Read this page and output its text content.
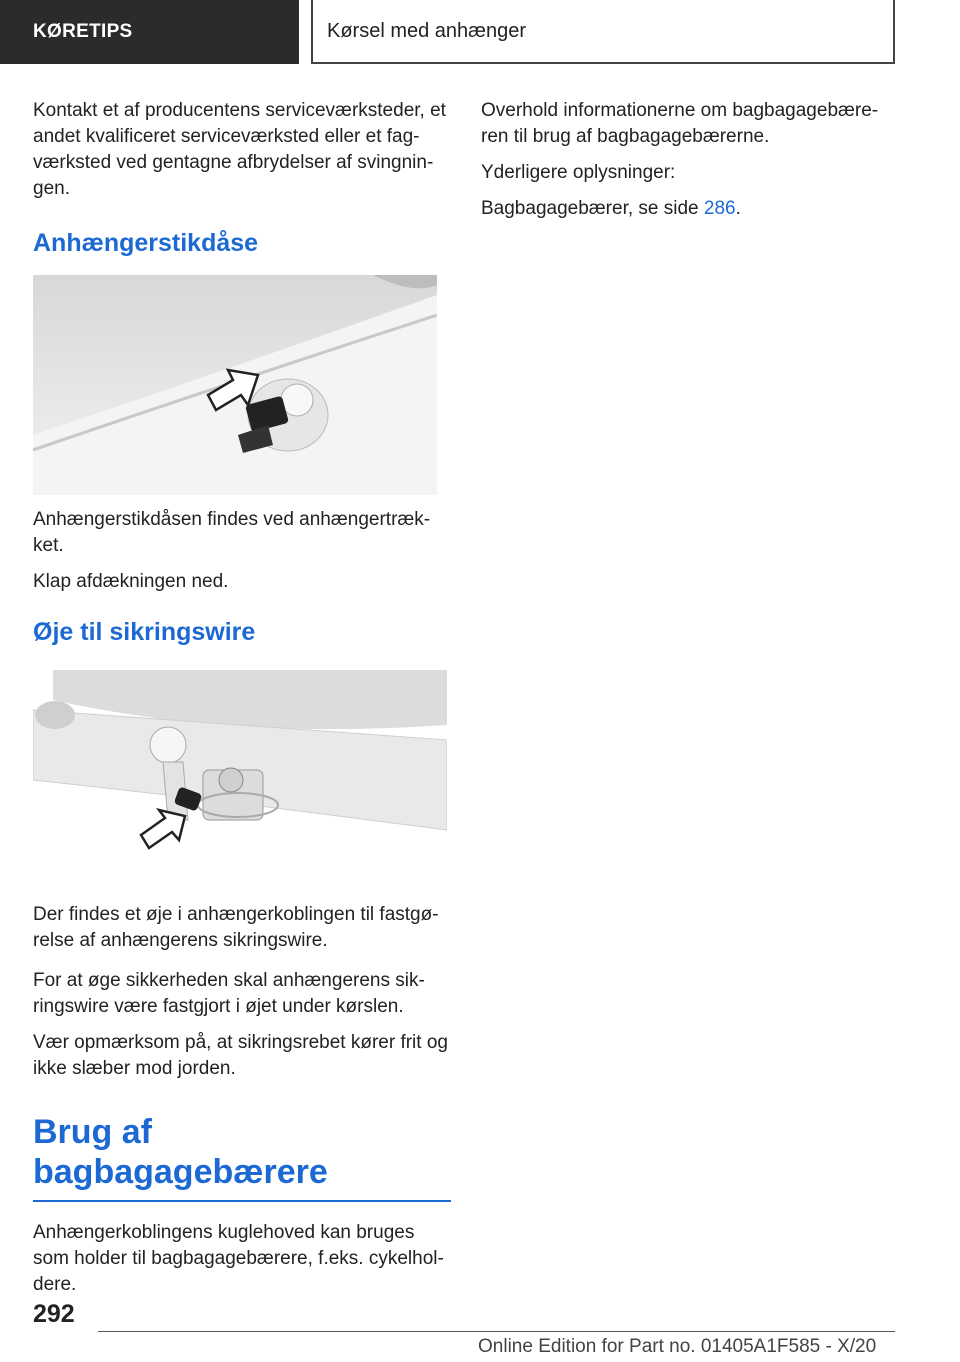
KØRETIPS	Kørsel med anhænger

Kontakt et af producentens serviceværksteder, et andet kvalificeret serviceværksted eller et fag-værksted ved gentagne afbrydelser af svingnin-gen.

Anhængerstikdåse

Anhængerstikdåsen findes ved anhængertræk-ket.

Klap afdækningen ned.

Øje til sikringswire

Der findes et øje i anhængerkoblingen til fastgø-relse af anhængerens sikringswire.

For at øge sikkerheden skal anhængerens sik-ringswire være fastgjort i øjet under kørslen.

Vær opmærksom på, at sikringsrebet kører frit og ikke slæber mod jorden.

Brug af bagbagagebærere

Anhængerkoblingens kuglehoved kan bruges som holder til bagbagagebærere, f.eks. cykelhol-dere.

Overhold informationerne om bagbagagebære-ren til brug af bagbagagebærerne.

Yderligere oplysninger:

Bagbagagebærer, se side 286.

292
Online Edition for Part no. 01405A1F585 - X/20
